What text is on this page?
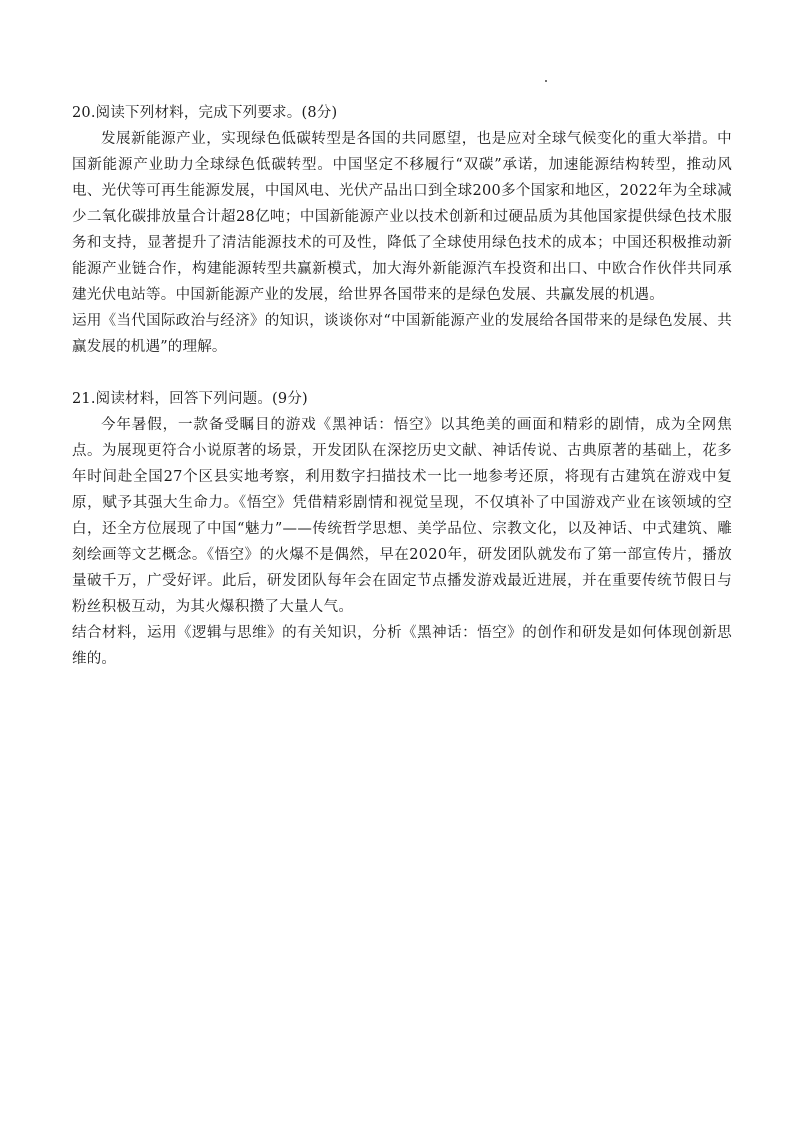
20.阅读下列材料，完成下列要求。(8分)

发展新能源产业，实现绿色低碳转型是各国的共同愿望，也是应对全球气候变化的重大举措。中国新能源产业助力全球绿色低碳转型。中国坚定不移履行“双碳”承诺，加速能源结构转型，推动风电、光伏等可再生能源发展，中国风电、光伏产品出口到全球200多个国家和地区，2022年为全球减少二氧化碳排放量合计超28亿吨；中国新能源产业以技术创新和过硬品质为其他国家提供绿色技术服务和支持，显著提升了清洁能源技术的可及性，降低了全球使用绿色技术的成本；中国还积极推动新能源产业链合作，构建能源转型共赢新模式，加大海外新能源汽车投资和出口、中欧合作伙伴共同承建光伏电站等。中国新能源产业的发展，给世界各国带来的是绿色发展、共赢发展的机遇。

运用《当代国际政治与经济》的知识，谈谈你对“中国新能源产业的发展给各国带来的是绿色发展、共赢发展的机遇”的理解。

21.阅读材料，回答下列问题。(9分)

今年暑假，一款备受瞩目的游戏《黑神话：悟空》以其绝美的画面和精彩的剧情，成为全网焦点。为展现更符合小说原著的场景，开发团队在深挖历史文献、神话传说、古典原著的基础上，花多年时间赴全国27个区县实地考察，利用数字扫描技术一比一地参考还原，将现有古建筑在游戏中复原，赋予其强大生命力。《悟空》凭借精彩剧情和视觉呈现，不仅填补了中国游戏产业在该领域的空白，还全方位展现了中国“魅力”——传统哲学思想、美学品位、宗教文化，以及神话、中式建筑、雕刻绘画等文艺概念。《悟空》的火爆不是偶然，早在2020年，研发团队就发布了第一部宣传片，播放量破千万，广受好评。此后，研发团队每年会在固定节点播发游戏最近进展，并在重要传统节假日与粉丝积极互动，为其火爆积攒了大量人气。

结合材料，运用《逻辑与思维》的有关知识，分析《黑神话：悟空》的创作和研发是如何体现创新思维的。
